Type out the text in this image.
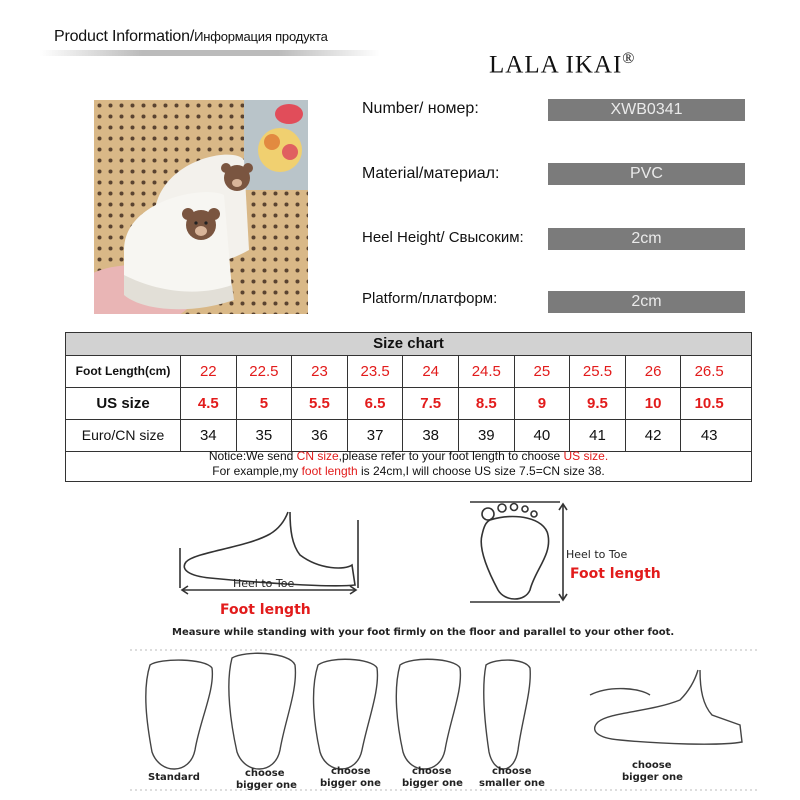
Product Information/Информация продукта
LALA IKAI®
Number/ номер:	XWB0341
Material/материал:	PVC
Heel Height/ Свысоким:	2cm
Platform/платформ:	2cm
Size chart
Foot Length(cm)	22	22.5	23	23.5	24	24.5	25	25.5	26	26.5
US size	4.5	5	5.5	6.5	7.5	8.5	9	9.5	10	10.5
Euro/CN size	34	35	36	37	38	39	40	41	42	43
Notice:We send CN size,please refer to your foot length to choose US size.
For example,my foot length is 24cm,I will choose US size 7.5=CN size 38.
Heel to Toe
Foot length
Heel to Toe
Foot length
Measure while standing with your foot firmly on the floor and parallel to your other foot.
Standard	choose
bigger one
choose
bigger one
choose
bigger one
choose
smaller one
choose
bigger one
